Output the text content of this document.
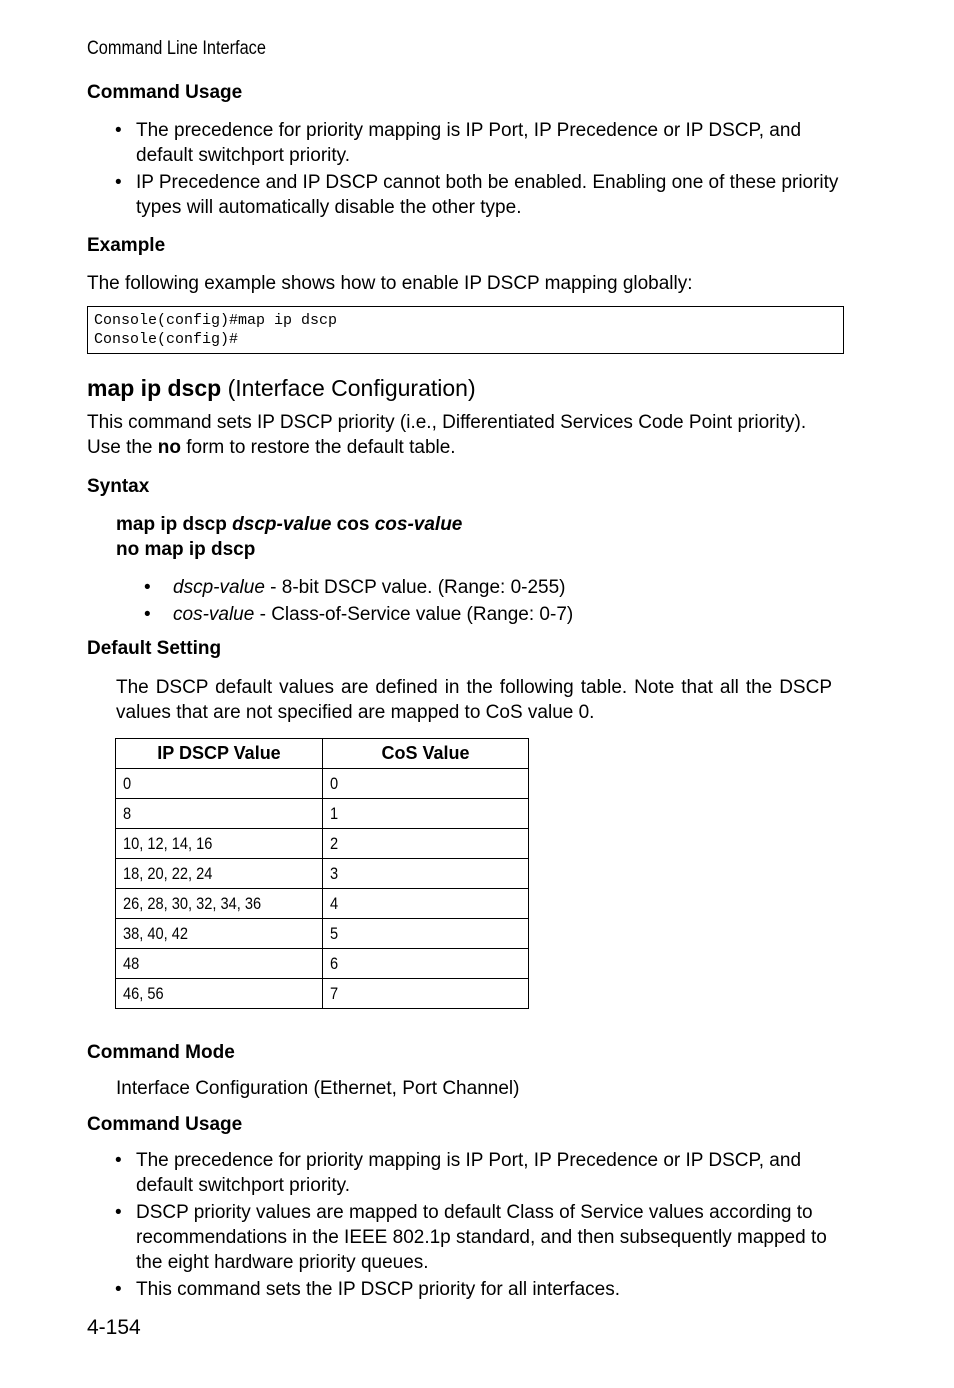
Command Line Interface
Command Usage
• The precedence for priority mapping is IP Port, IP Precedence or IP DSCP, and default switchport priority.
• IP Precedence and IP DSCP cannot both be enabled. Enabling one of these priority types will automatically disable the other type.
Example
The following example shows how to enable IP DSCP mapping globally:
Console(config)#map ip dscp
Console(config)#
map ip dscp (Interface Configuration)
This command sets IP DSCP priority (i.e., Differentiated Services Code Point priority). Use the no form to restore the default table.
Syntax
map ip dscp dscp-value cos cos-value
no map ip dscp
• dscp-value - 8-bit DSCP value. (Range: 0-255)
• cos-value - Class-of-Service value (Range: 0-7)
Default Setting
The DSCP default values are defined in the following table. Note that all the DSCP values that are not specified are mapped to CoS value 0.
IP DSCP Value	CoS Value
0	0
8	1
10, 12, 14, 16	2
18, 20, 22, 24	3
26, 28, 30, 32, 34, 36	4
38, 40, 42	5
48	6
46, 56	7
Command Mode
Interface Configuration (Ethernet, Port Channel)
Command Usage
• The precedence for priority mapping is IP Port, IP Precedence or IP DSCP, and default switchport priority.
• DSCP priority values are mapped to default Class of Service values according to recommendations in the IEEE 802.1p standard, and then subsequently mapped to the eight hardware priority queues.
• This command sets the IP DSCP priority for all interfaces.
4-154
